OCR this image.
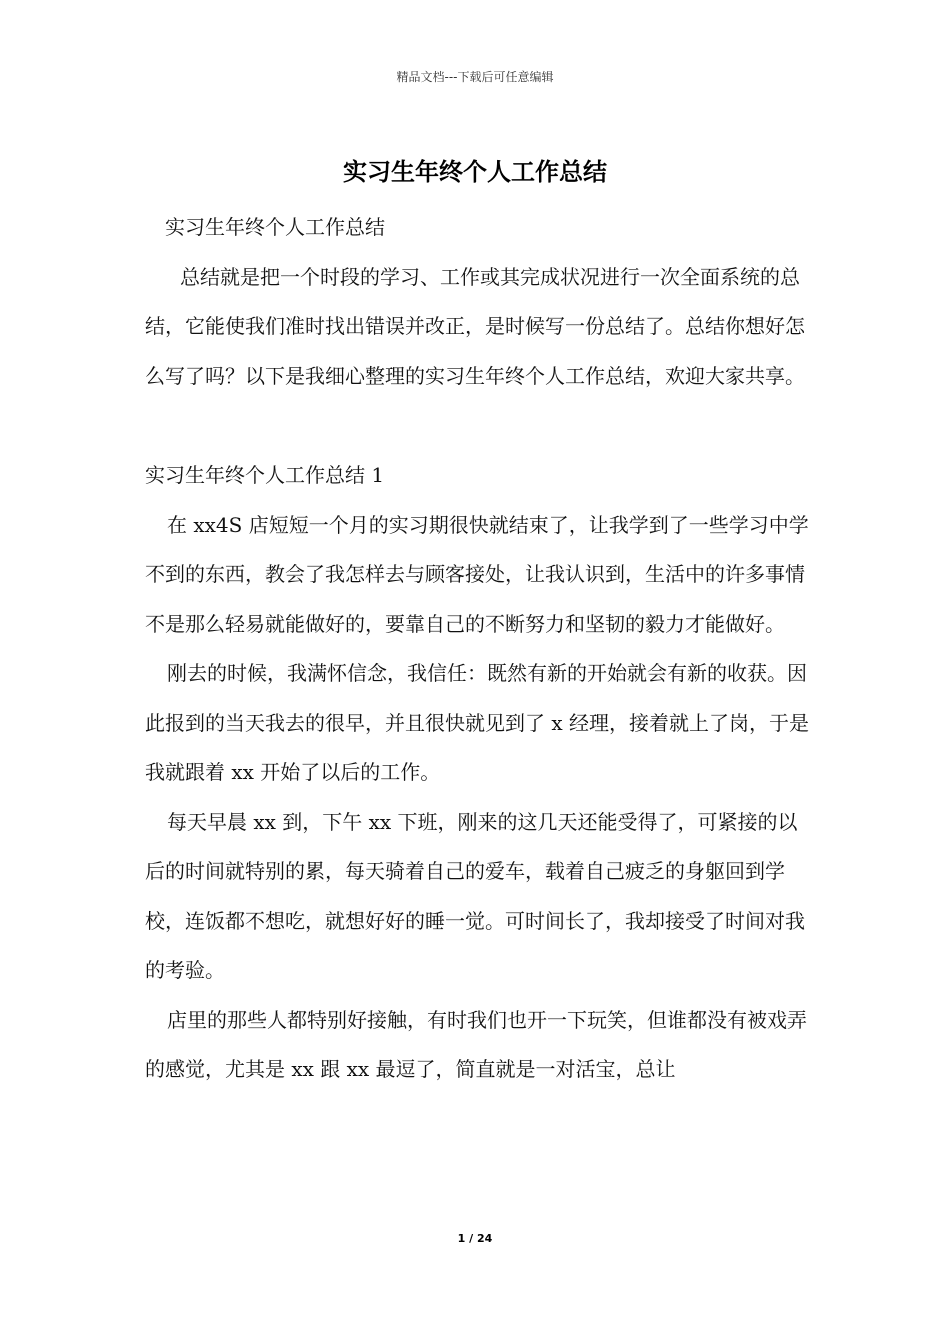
精品文档---下载后可任意编辑
实习生年终个人工作总结

实习生年终个人工作总结

总结就是把一个时段的学习、工作或其完成状况进行一次全面系统的总结，它能使我们准时找出错误并改正，是时候写一份总结了。总结你想好怎么写了吗？以下是我细心整理的实习生年终个人工作总结，欢迎大家共享。

实习生年终个人工作总结 1

在 xx4S 店短短一个月的实习期很快就结束了，让我学到了一些学习中学不到的东西，教会了我怎样去与顾客接处，让我认识到，生活中的许多事情不是那么轻易就能做好的，要靠自己的不断努力和坚韧的毅力才能做好。

刚去的时候，我满怀信念，我信任：既然有新的开始就会有新的收获。因此报到的当天我去的很早，并且很快就见到了 x 经理，接着就上了岗，于是我就跟着 xx 开始了以后的工作。

每天早晨 xx 到，下午 xx 下班，刚来的这几天还能受得了，可紧接的以后的时间就特别的累，每天骑着自己的爱车，载着自己疲乏的身躯回到学校，连饭都不想吃，就想好好的睡一觉。可时间长了，我却接受了时间对我的考验。

店里的那些人都特别好接触，有时我们也开一下玩笑，但谁都没有被戏弄的感觉，尤其是 xx 跟 xx 最逗了，简直就是一对活宝，总让

1 / 24
